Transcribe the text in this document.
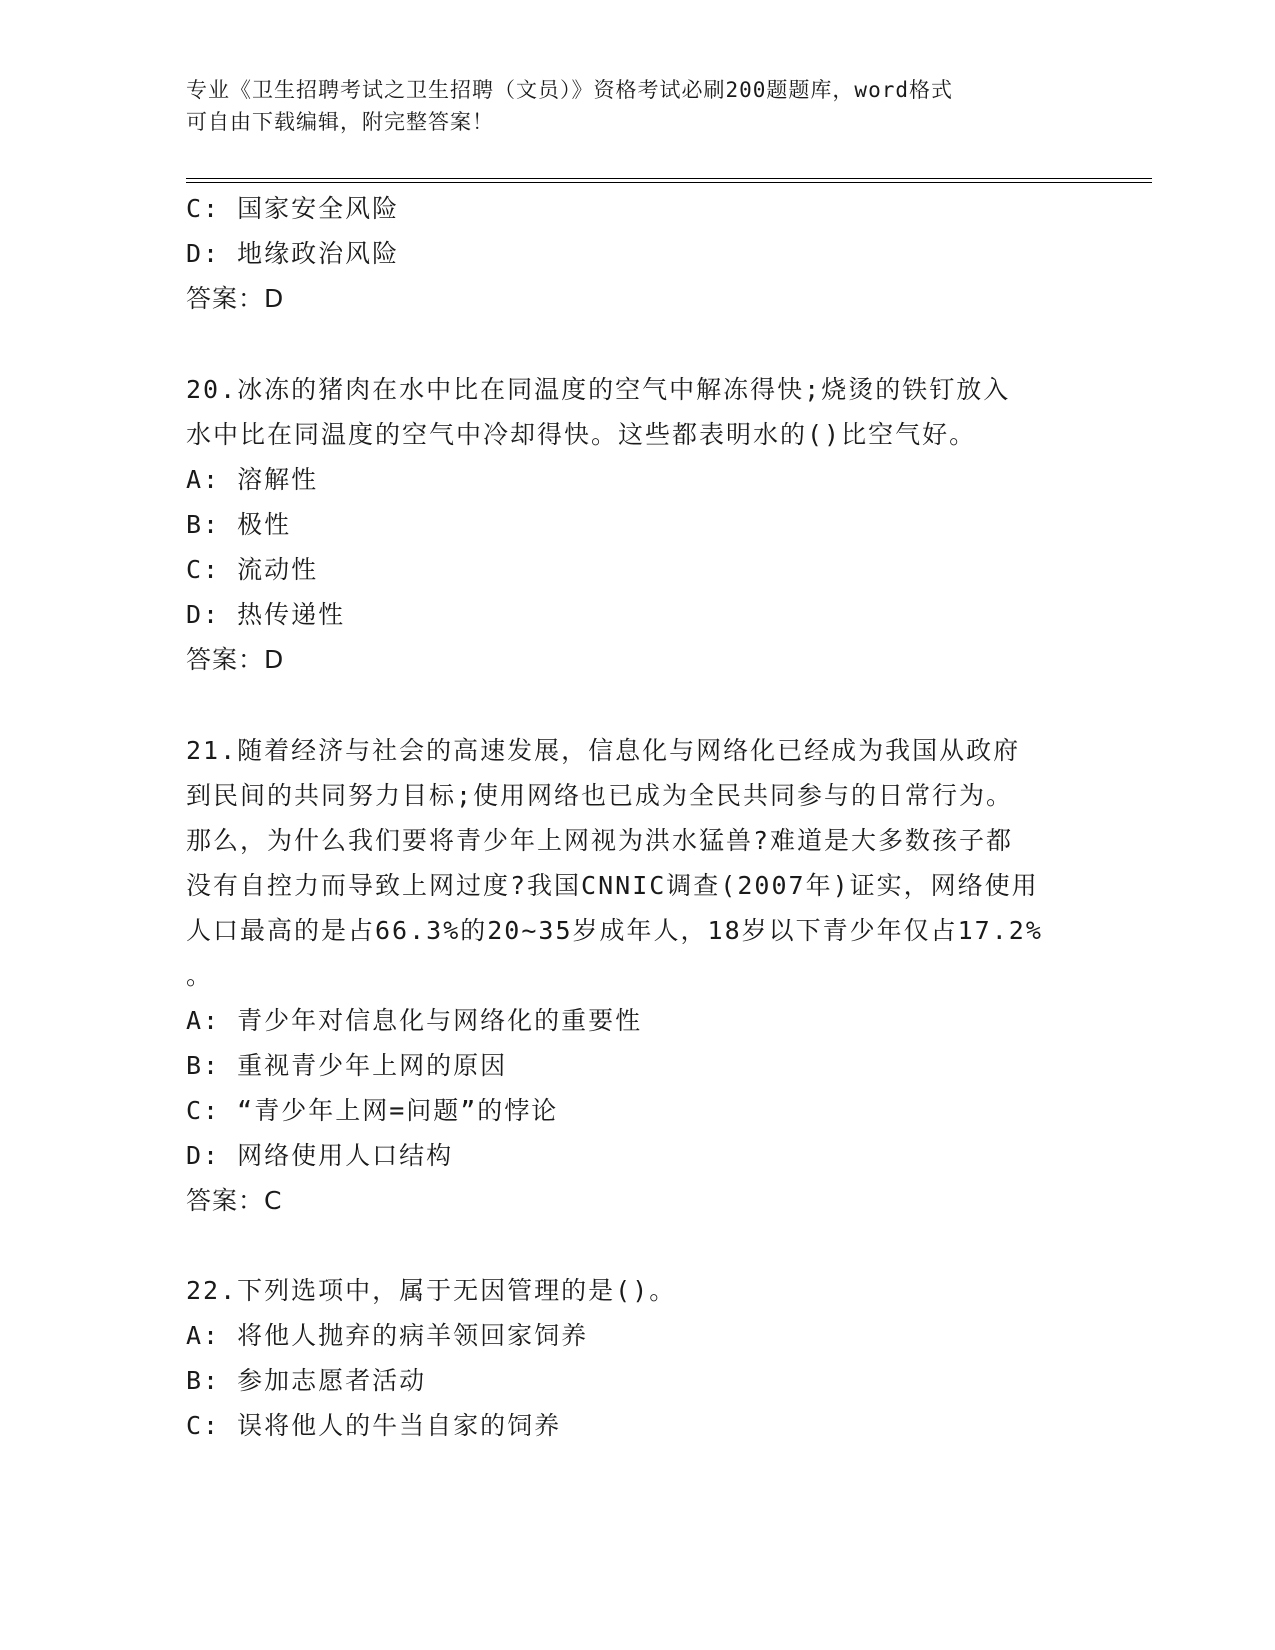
专业《卫生招聘考试之卫生招聘（文员）》资格考试必刷200题题库，word格式
可自由下载编辑，附完整答案！
C: 国家安全风险
D: 地缘政治风险
答案：D
20.冰冻的猪肉在水中比在同温度的空气中解冻得快;烧烫的铁钉放入
水中比在同温度的空气中冷却得快。这些都表明水的()比空气好。
A: 溶解性
B: 极性
C: 流动性
D: 热传递性
答案：D
21.随着经济与社会的高速发展，信息化与网络化已经成为我国从政府
到民间的共同努力目标;使用网络也已成为全民共同参与的日常行为。
那么，为什么我们要将青少年上网视为洪水猛兽?难道是大多数孩子都
没有自控力而导致上网过度?我国CNNIC调查(2007年)证实，网络使用
人口最高的是占66.3%的20~35岁成年人，18岁以下青少年仅占17.2%
。
A: 青少年对信息化与网络化的重要性
B: 重视青少年上网的原因
C: “青少年上网=问题”的悖论
D: 网络使用人口结构
答案：C
22.下列选项中，属于无因管理的是()。
A: 将他人抛弃的病羊领回家饲养
B: 参加志愿者活动
C: 误将他人的牛当自家的饲养
